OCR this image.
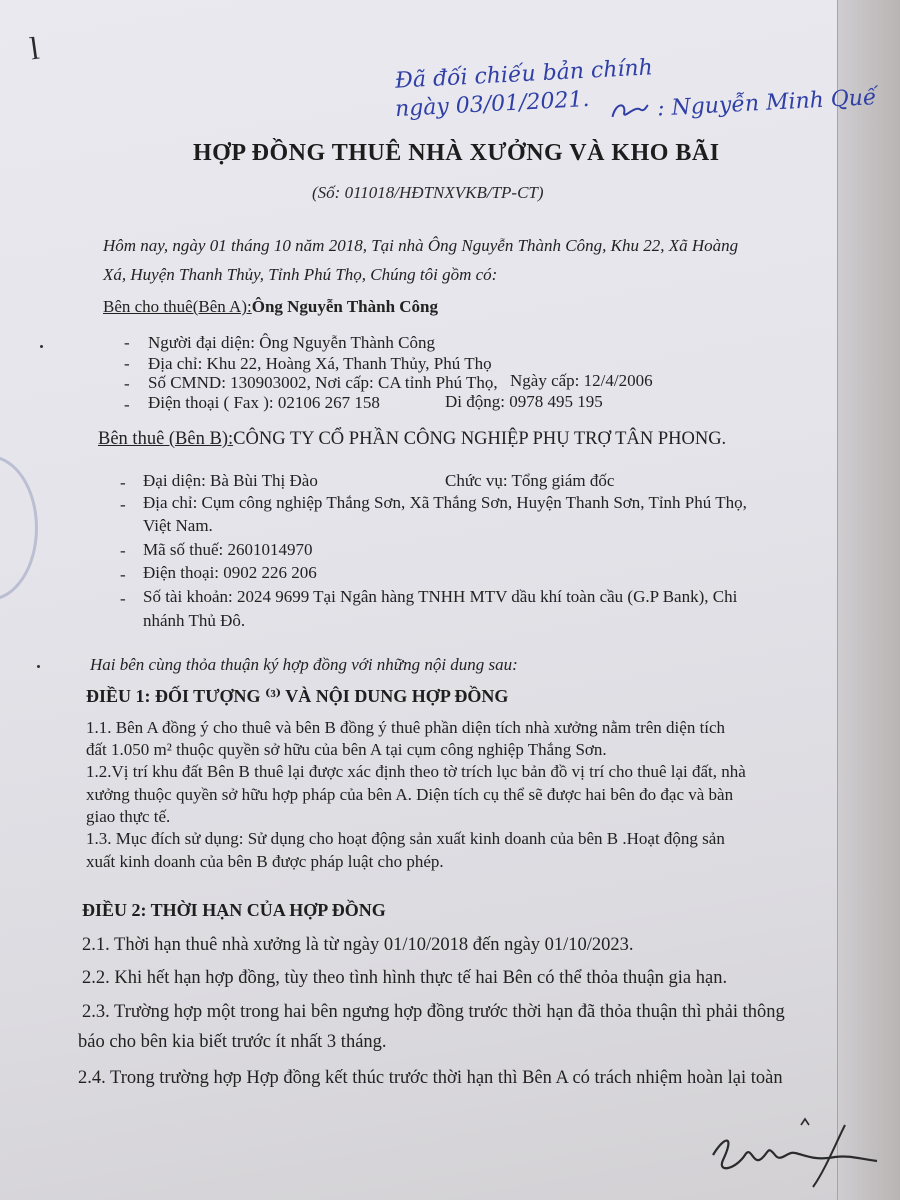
l
Đã đối chiếu bản chính
ngày 03/01/2021.	: Nguyễn Minh Quế
HỢP ĐỒNG THUÊ NHÀ XƯỞNG VÀ KHO BÃI
(Số: 011018/HĐTNXVKB/TP-CT)
Hôm nay, ngày 01 tháng 10 năm 2018, Tại nhà Ông Nguyễn Thành Công, Khu 22, Xã Hoàng
Xá, Huyện Thanh Thủy, Tỉnh Phú Thọ, Chúng tôi gồm có:
Bên cho thuê(Bên A):Ông Nguyễn Thành Công
- Người đại diện: Ông Nguyễn Thành Công
- Địa chỉ: Khu 22, Hoàng Xá, Thanh Thủy, Phú Thọ
- Số CMND: 130903002, Nơi cấp: CA tỉnh Phú Thọ, Ngày cấp: 12/4/2006
- Điện thoại ( Fax ): 02106 267 158	Di động: 0978 495 195
Bên thuê (Bên B):CÔNG TY CỔ PHẦN CÔNG NGHIỆP PHỤ TRỢ TÂN PHONG.
- Đại diện: Bà Bùi Thị Đào	Chức vụ: Tổng giám đốc
- Địa chỉ: Cụm công nghiệp Thắng Sơn, Xã Thắng Sơn, Huyện Thanh Sơn, Tỉnh Phú Thọ,
Việt Nam.
- Mã số thuế: 2601014970
- Điện thoại: 0902 226 206
- Số tài khoản: 2024 9699 Tại Ngân hàng TNHH MTV dầu khí toàn cầu (G.P Bank), Chi
nhánh Thủ Đô.
Hai bên cùng thỏa thuận ký hợp đồng với những nội dung sau:
ĐIỀU 1: ĐỐI TƯỢNG ⁽³⁾ VÀ NỘI DUNG HỢP ĐỒNG
1.1. Bên A đồng ý cho thuê và bên B đồng ý thuê phần diện tích nhà xưởng nằm trên diện tích
đất 1.050 m² thuộc quyền sở hữu của bên A tại cụm công nghiệp Thắng Sơn.
1.2.Vị trí khu đất Bên B thuê lại được xác định theo tờ trích lục bản đồ vị trí cho thuê lại đất, nhà
xưởng thuộc quyền sở hữu hợp pháp của bên A. Diện tích cụ thể sẽ được hai bên đo đạc và bàn
giao thực tế.
1.3. Mục đích sử dụng: Sử dụng cho hoạt động sản xuất kinh doanh của bên B .Hoạt động sản
xuất kinh doanh của bên B được pháp luật cho phép.
ĐIỀU 2: THỜI HẠN CỦA HỢP ĐỒNG
2.1. Thời hạn thuê nhà xưởng là từ ngày 01/10/2018 đến ngày 01/10/2023.
2.2. Khi hết hạn hợp đồng, tùy theo tình hình thực tế hai Bên có thể thỏa thuận gia hạn.
2.3. Trường hợp một trong hai bên ngưng hợp đồng trước thời hạn đã thỏa thuận thì phải thông
báo cho bên kia biết trước ít nhất 3 tháng.
2.4. Trong trường hợp Hợp đồng kết thúc trước thời hạn thì Bên A có trách nhiệm hoàn lại toàn
